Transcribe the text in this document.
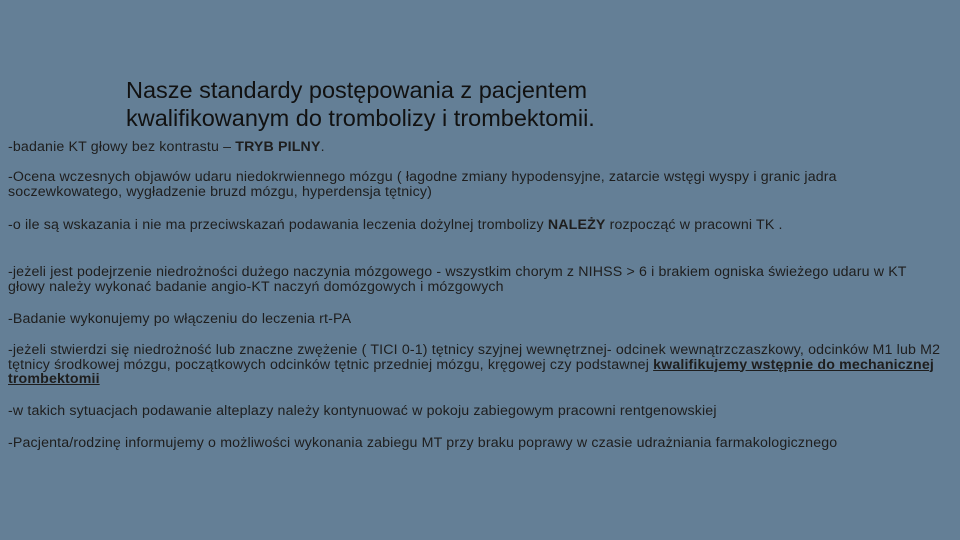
Nasze standardy postępowania z pacjentem
kwalifikowanym do trombolizy i trombektomii.

-badanie KT głowy bez kontrastu – TRYB PILNY.

-Ocena wczesnych objawów udaru niedokrwiennego mózgu ( łagodne zmiany hypodensyjne, zatarcie wstęgi wyspy i granic jadra soczewkowatego, wygładzenie bruzd mózgu, hyperdensja tętnicy)

-o ile są wskazania i nie ma przeciwskazań podawania leczenia dożylnej trombolizy NALEŻY rozpocząć w pracowni TK .

-jeżeli jest podejrzenie niedrożności dużego naczynia mózgowego - wszystkim chorym z NIHSS > 6 i brakiem ogniska świeżego udaru w KT głowy należy wykonać badanie angio-KT naczyń domózgowych i mózgowych

-Badanie wykonujemy po włączeniu do leczenia rt-PA

-jeżeli stwierdzi się niedrożność lub znaczne zwężenie ( TICI 0-1) tętnicy szyjnej wewnętrznej- odcinek wewnątrzczaszkowy, odcinków M1 lub M2 tętnicy środkowej mózgu, początkowych odcinków tętnic przedniej mózgu, kręgowej czy podstawnej kwalifikujemy wstępnie do mechanicznej trombektomii

-w takich sytuacjach podawanie alteplazy należy kontynuować w pokoju zabiegowym pracowni rentgenowskiej

-Pacjenta/rodzinę informujemy o możliwości wykonania zabiegu MT przy braku poprawy w czasie udrażniania farmakologicznego
